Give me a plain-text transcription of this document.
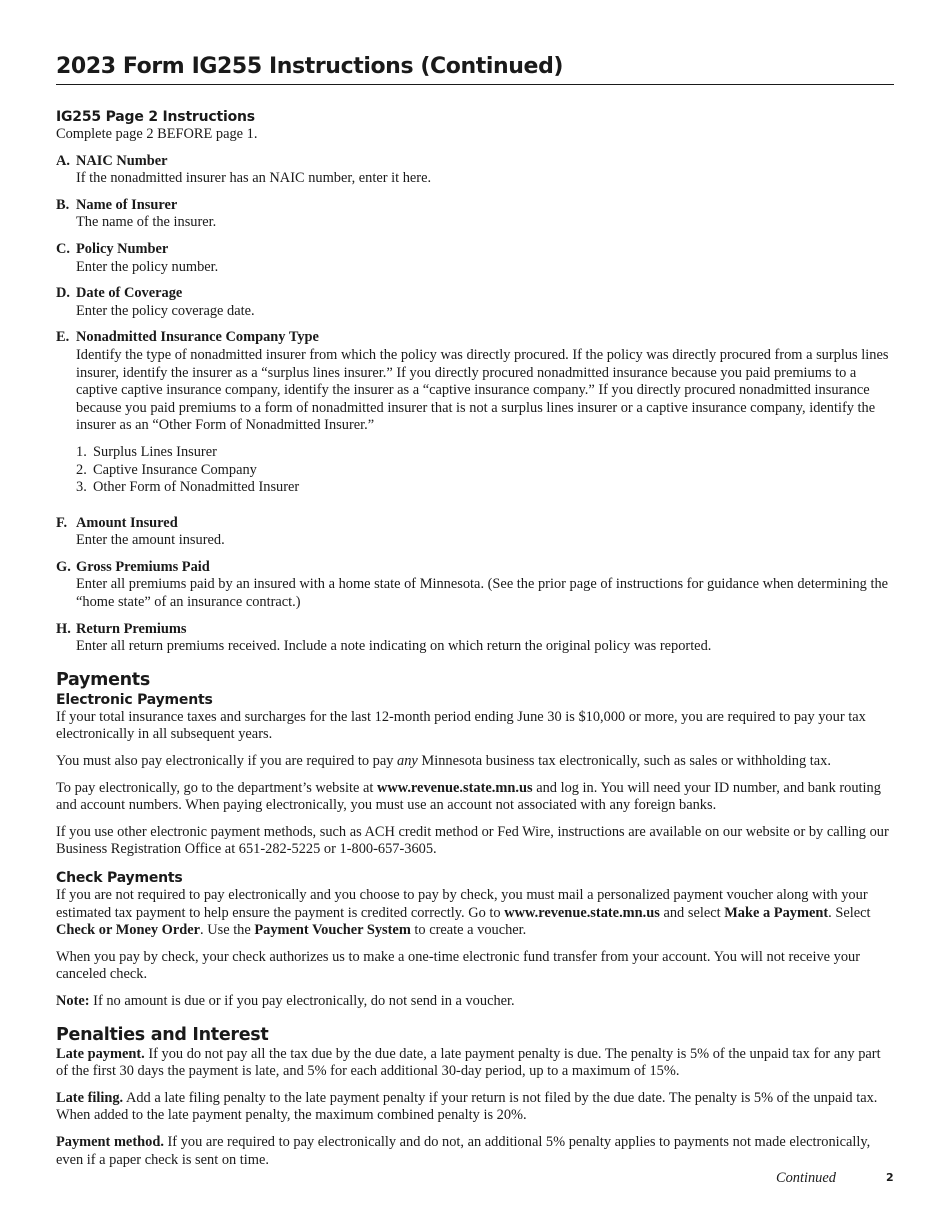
2023 Form IG255 Instructions (Continued)
IG255 Page 2 Instructions

Complete page 2 BEFORE page 1.

A. NAIC Number
If the nonadmitted insurer has an NAIC number, enter it here.
B. Name of Insurer
The name of the insurer.
C. Policy Number
Enter the policy number.
D. Date of Coverage
Enter the policy coverage date.
E. Nonadmitted Insurance Company Type
Identify the type of nonadmitted insurer from which the policy was directly procured. If the policy was directly procured from a surplus lines insurer, identify the insurer as a “surplus lines insurer.” If you directly procured nonadmitted insurance because you paid premiums to a captive captive insurance company, identify the insurer as a “captive insurance company.” If you directly procured nonadmitted insurance because you paid premiums to a form of nonadmitted insurer that is not a surplus lines insurer or a captive insurance company, identify the insurer as an “Other Form of Nonadmitted Insurer.”
1. Surplus Lines Insurer
2. Captive Insurance Company
3. Other Form of Nonadmitted Insurer
F. Amount Insured
Enter the amount insured.
G. Gross Premiums Paid
Enter all premiums paid by an insured with a home state of Minnesota. (See the prior page of instructions for guidance when determining the “home state” of an insurance contract.)
H. Return Premiums
Enter all return premiums received. Include a note indicating on which return the original policy was reported.
Payments
Electronic Payments

If your total insurance taxes and surcharges for the last 12-month period ending June 30 is $10,000 or more, you are required to pay your tax electronically in all subsequent years.

You must also pay electronically if you are required to pay any Minnesota business tax electronically, such as sales or withholding tax.

To pay electronically, go to the department’s website at www.revenue.state.mn.us and log in. You will need your ID number, and bank routing and account numbers. When paying electronically, you must use an account not associated with any foreign banks.

If you use other electronic payment methods, such as ACH credit method or Fed Wire, instructions are available on our website or by calling our Business Registration Office at 651-282-5225 or 1-800-657-3605.

Check Payments

If you are not required to pay electronically and you choose to pay by check, you must mail a personalized payment voucher along with your estimated tax payment to help ensure the payment is credited correctly. Go to www.revenue.state.mn.us and select Make a Payment. Select Check or Money Order. Use the Payment Voucher System to create a voucher.

When you pay by check, your check authorizes us to make a one-time electronic fund transfer from your account. You will not receive your canceled check.

Note: If no amount is due or if you pay electronically, do not send in a voucher.

Penalties and Interest

Late payment. If you do not pay all the tax due by the due date, a late payment penalty is due. The penalty is 5% of the unpaid tax for any part of the first 30 days the payment is late, and 5% for each additional 30-day period, up to a maximum of 15%.

Late filing. Add a late filing penalty to the late payment penalty if your return is not filed by the due date. The penalty is 5% of the unpaid tax. When added to the late payment penalty, the maximum combined penalty is 20%.

Payment method. If you are required to pay electronically and do not, an additional 5% penalty applies to payments not made electronically, even if a paper check is sent on time.

Continued	2
